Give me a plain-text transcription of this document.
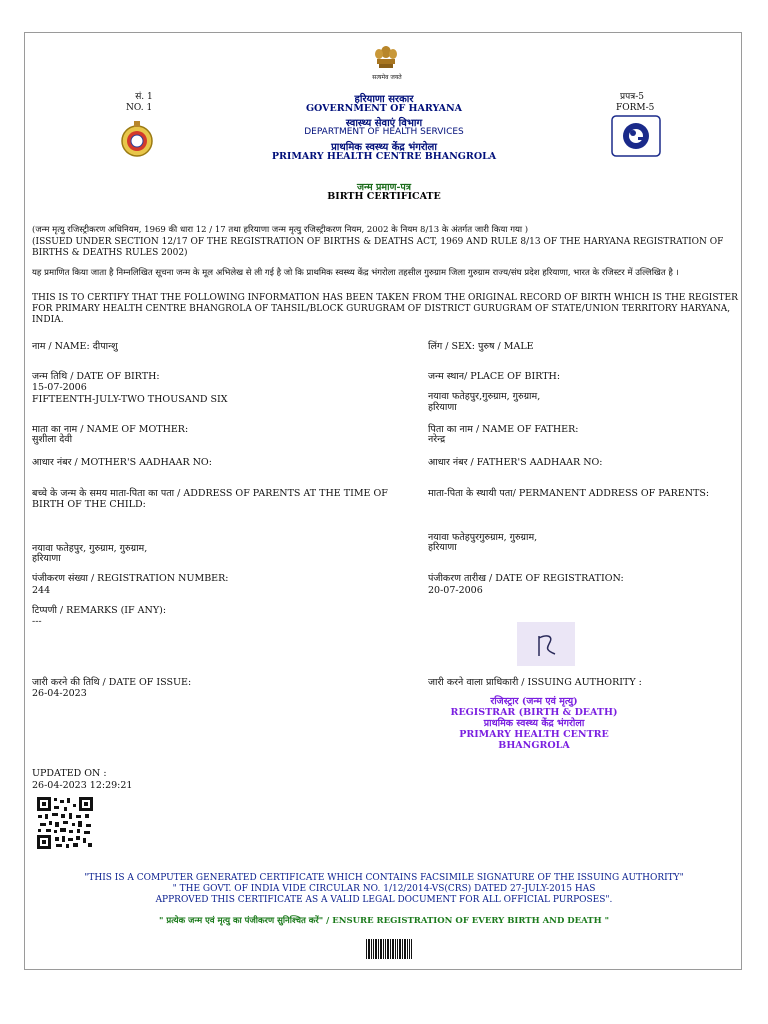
सं. 1
NO. 1
प्रपत्र-5
FORM-5
सत्यमेव जयते
हरियाणा सरकार
GOVERNMENT OF HARYANA
स्वास्थ्य सेवाएं विभाग
DEPARTMENT OF HEALTH SERVICES
प्राथमिक स्वस्थ्य केंद्र भंगरोला
PRIMARY HEALTH CENTRE BHANGROLA
जन्म प्रमाण-पत्र
BIRTH CERTIFICATE
(जन्म मृत्यु रजिस्ट्रीकरण अधिनियम, 1969 की धारा 12 / 17 तथा हरियाणा जन्म मृत्यु रजिस्ट्रीकरण नियम, 2002 के नियम 8/13 के अंतर्गत जारी किया गया )
(ISSUED UNDER SECTION 12/17 OF THE REGISTRATION OF BIRTHS & DEATHS ACT, 1969 AND RULE 8/13 OF THE HARYANA REGISTRATION OF BIRTHS & DEATHS RULES 2002)
यह प्रमाणित किया जाता है निम्नलिखित सूचना जन्म के मूल अभिलेख से ली गई है जो कि प्राथमिक स्वस्थ्य केंद्र भंगरोला तहसील गुरुग्राम जिला गुरुग्राम राज्य/संघ प्रदेश हरियाणा, भारत के रजिस्टर में उल्लिखित है ।
THIS IS TO CERTIFY THAT THE FOLLOWING INFORMATION HAS BEEN TAKEN FROM THE ORIGINAL RECORD OF BIRTH WHICH IS THE REGISTER FOR PRIMARY HEALTH CENTRE BHANGROLA OF TAHSIL/BLOCK GURUGRAM OF DISTRICT GURUGRAM OF STATE/UNION TERRITORY HARYANA, INDIA.
नाम / NAME: दीपान्शु	लिंग / SEX: पुरुष / MALE
जन्म तिथि / DATE OF BIRTH:
15-07-2006
FIFTEENTH-JULY-TWO THOUSAND SIX
जन्म स्थान/ PLACE OF BIRTH:
नयावा फतेहपुर,गुरुग्राम, गुरुग्राम,
हरियाणा
माता का नाम / NAME OF MOTHER:
सुशीला देवी
पिता का नाम / NAME OF FATHER:
नरेन्द्र
आधार नंबर / MOTHER'S AADHAAR NO:	आधार नंबर / FATHER'S AADHAAR NO:
बच्चे के जन्म के समय माता-पिता का पता / ADDRESS OF PARENTS AT THE TIME OF BIRTH OF THE CHILD:
नयावा फतेहपुर, गुरुग्राम, गुरुग्राम,
हरियाणा
माता-पिता के स्थायी पता/ PERMANENT ADDRESS OF PARENTS:
नयावा फतेहपुरगुरुग्राम, गुरुग्राम,
हरियाणा
पंजीकरण संख्या / REGISTRATION NUMBER:
244
पंजीकरण तारीख / DATE OF REGISTRATION:
20-07-2006
टिप्पणी / REMARKS (IF ANY):
---
जारी करने की तिथि / DATE OF ISSUE:
26-04-2023
जारी करने वाला प्राधिकारी / ISSUING AUTHORITY :
रजिस्ट्रार (जन्म एवं मृत्यु)
REGISTRAR (BIRTH & DEATH)
प्राथमिक स्वस्थ्य केंद्र भंगरोला
PRIMARY HEALTH CENTRE BHANGROLA
UPDATED ON :
26-04-2023 12:29:21
"THIS IS A COMPUTER GENERATED CERTIFICATE WHICH CONTAINS FACSIMILE SIGNATURE OF THE ISSUING AUTHORITY"
" THE GOVT. OF INDIA VIDE CIRCULAR NO. 1/12/2014-VS(CRS) DATED 27-JULY-2015 HAS
APPROVED THIS CERTIFICATE AS A VALID LEGAL DOCUMENT FOR ALL OFFICIAL PURPOSES".
" प्रत्येक जन्म एवं मृत्यु का पंजीकरण सुनिश्चित करें" / ENSURE REGISTRATION OF EVERY BIRTH AND DEATH "
